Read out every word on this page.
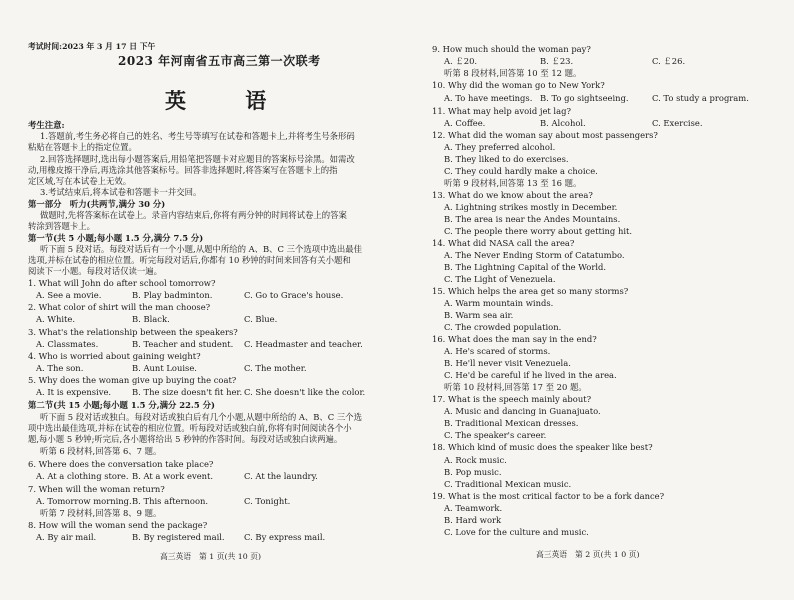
考试时间:2023 年 3 月 17 日 下午
2023 年河南省五市高三第一次联考
英 语
考生注意:
1.答题前,考生务必将自己的姓名、考生号等填写在试卷和答题卡上,并将考生号条形码
粘贴在答题卡上的指定位置。
2.回答选择题时,选出每小题答案后,用铅笔把答题卡对应题目的答案标号涂黑。如需改
动,用橡皮擦干净后,再选涂其他答案标号。回答非选择题时,将答案写在答题卡上的指
定区域,写在本试卷上无效。
3.考试结束后,将本试卷和答题卡一并交回。
第一部分　听力(共两节,满分 30 分)
做题时,先将答案标在试卷上。录音内容结束后,你将有两分钟的时间将试卷上的答案
转涂到答题卡上。
第一节(共 5 小题;每小题 1.5 分,满分 7.5 分)
听下面 5 段对话。每段对话后有一个小题,从题中所给的 A、B、C 三个选项中选出最佳
选项,并标在试卷的相应位置。听完每段对话后,你都有 10 秒钟的时间来回答有关小题和
阅读下一小题。每段对话仅读一遍。
1. What will John do after school tomorrow?
A. See a movie.	B. Play badminton.	C. Go to Grace's house.
2. What color of shirt will the man choose?
A. White.	B. Black.	C. Blue.
3. What's the relationship between the speakers?
A. Classmates.	B. Teacher and student. C. Headmaster and teacher.
4. Who is worried about gaining weight?
A. The son.	B. Aunt Louise.	C. The mother.
5. Why does the woman give up buying the coat?
A. It is expensive. B. The size doesn't fit her. C. She doesn't like the color.
第二节(共 15 小题;每小题 1.5 分,满分 22.5 分)
听下面 5 段对话或独白。每段对话或独白后有几个小题,从题中所给的 A、B、C 三个选
项中选出最佳选项,并标在试卷的相应位置。听每段对话或独白前,你将有时间阅读各个小
题,每小题 5 秒钟;听完后,各小题将给出 5 秒钟的作答时间。每段对话或独白读两遍。
听第 6 段材料,回答第 6、7 题。
6. Where does the conversation take place?
A. At a clothing store. B. At a work event.	C. At the laundry.
7. When will the woman return?
A. Tomorrow morning. B. This afternoon.	C. Tonight.
听第 7 段材料,回答第 8、9 题。
8. How will the woman send the package?
A. By air mail.	B. By registered mail. C. By express mail.
高三英语　第 1 页(共 10 页)
9. How much should the woman pay?
A. ￡20.	B. ￡23.	C. ￡26.
听第 8 段材料,回答第 10 至 12 题。
10. Why did the woman go to New York?
A. To have meetings. B. To go sightseeing.	C. To study a program.
11. What may help avoid jet lag?
A. Coffee.	B. Alcohol.	C. Exercise.
12. What did the woman say about most passengers?
A. They preferred alcohol.
B. They liked to do exercises.
C. They could hardly make a choice.
听第 9 段材料,回答第 13 至 16 题。
13. What do we know about the area?
A. Lightning strikes mostly in December.
B. The area is near the Andes Mountains.
C. The people there worry about getting hit.
14. What did NASA call the area?
A. The Never Ending Storm of Catatumbo.
B. The Lightning Capital of the World.
C. The Light of Venezuela.
15. Which helps the area get so many storms?
A. Warm mountain winds.
B. Warm sea air.
C. The crowded population.
16. What does the man say in the end?
A. He's scared of storms.
B. He'll never visit Venezuela.
C. He'd be careful if he lived in the area.
听第 10 段材料,回答第 17 至 20 题。
17. What is the speech mainly about?
A. Music and dancing in Guanajuato.
B. Traditional Mexican dresses.
C. The speaker's career.
18. Which kind of music does the speaker like best?
A. Rock music.
B. Pop music.
C. Traditional Mexican music.
19. What is the most critical factor to be a fork dance?
A. Teamwork.
B. Hard work
C. Love for the culture and music.
高三英语　第 2 页(共 1 0 页)
